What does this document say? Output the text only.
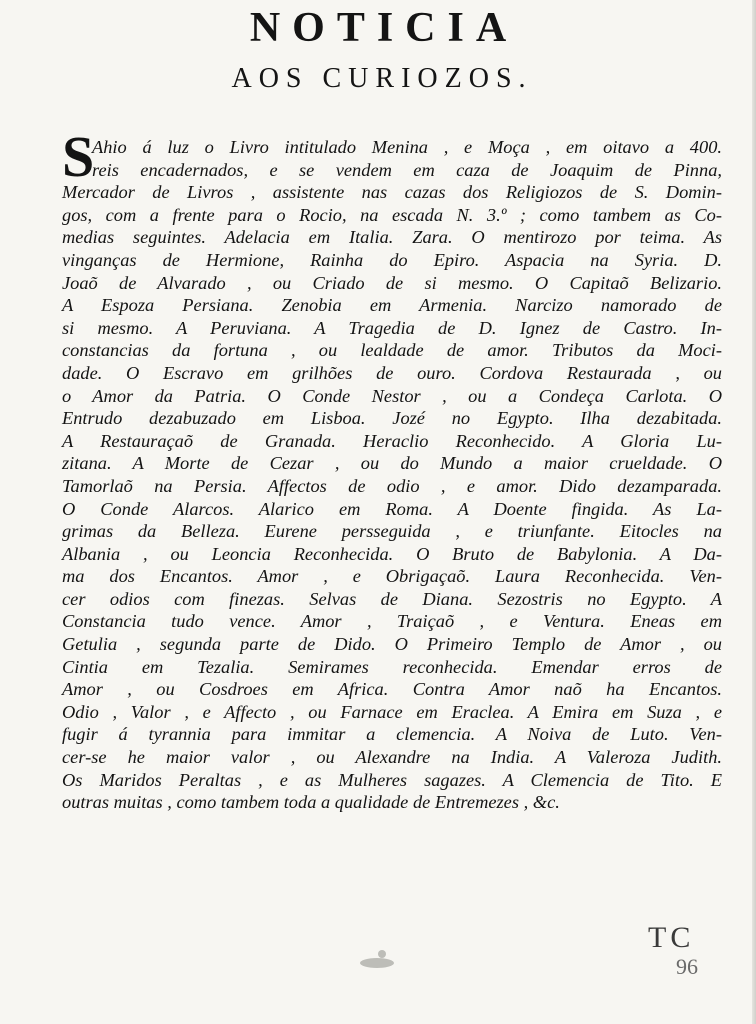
NOTICIA
AOS CURIOZOS.
S
Ahio á luz o Livro intitulado Menina , e Moça , em oitavo a 400.
reis encadernados, e se vendem em caza de Joaquim de Pinna,
Mercador de Livros , assistente nas cazas dos Religiozos de S. Domin-
gos, com a frente para o Rocio, na escada N. 3.º ; como tambem as Co-
medias seguintes. Adelacia em Italia. Zara. O mentirozo por teima. As
vinganças de Hermione, Rainha do Epiro. Aspacia na Syria. D.
Joaõ de Alvarado , ou Criado de si mesmo. O Capitaõ Belizario.
A Espoza Persiana. Zenobia em Armenia. Narcizo namorado de
si mesmo. A Peruviana. A Tragedia de D. Ignez de Castro. In-
constancias da fortuna , ou lealdade de amor. Tributos da Moci-
dade. O Escravo em grilhões de ouro. Cordova Restaurada , ou
o Amor da Patria. O Conde Nestor , ou a Condeça Carlota. O
Entrudo dezabuzado em Lisboa. Jozé no Egypto. Ilha dezabitada.
A Restauraçaõ de Granada. Heraclio Reconhecido. A Gloria Lu-
zitana. A Morte de Cezar , ou do Mundo a maior crueldade. O
Tamorlaõ na Persia. Affectos de odio , e amor. Dido dezamparada.
O Conde Alarcos. Alarico em Roma. A Doente fingida. As La-
grimas da Belleza. Eurene persseguida , e triunfante. Eitocles na
Albania , ou Leoncia Reconhecida. O Bruto de Babylonia. A Da-
ma dos Encantos. Amor , e Obrigaçaõ. Laura Reconhecida. Ven-
cer odios com finezas. Selvas de Diana. Sezostris no Egypto. A
Constancia tudo vence. Amor , Traiçaõ , e Ventura. Eneas em
Getulia , segunda parte de Dido. O Primeiro Templo de Amor , ou
Cintia em Tezalia. Semirames reconhecida. Emendar erros de
Amor , ou Cosdroes em Africa. Contra Amor naõ ha Encantos.
Odio , Valor , e Affecto , ou Farnace em Eraclea. A Emira em Suza , e
fugir á tyrannia para immitar a clemencia. A Noiva de Luto. Ven-
cer-se he maior valor , ou Alexandre na India. A Valeroza Judith.
Os Maridos Peraltas , e as Mulheres sagazes. A Clemencia de Tito. E
outras muitas , como tambem toda a qualidade de Entremezes , &c.
TC
96
